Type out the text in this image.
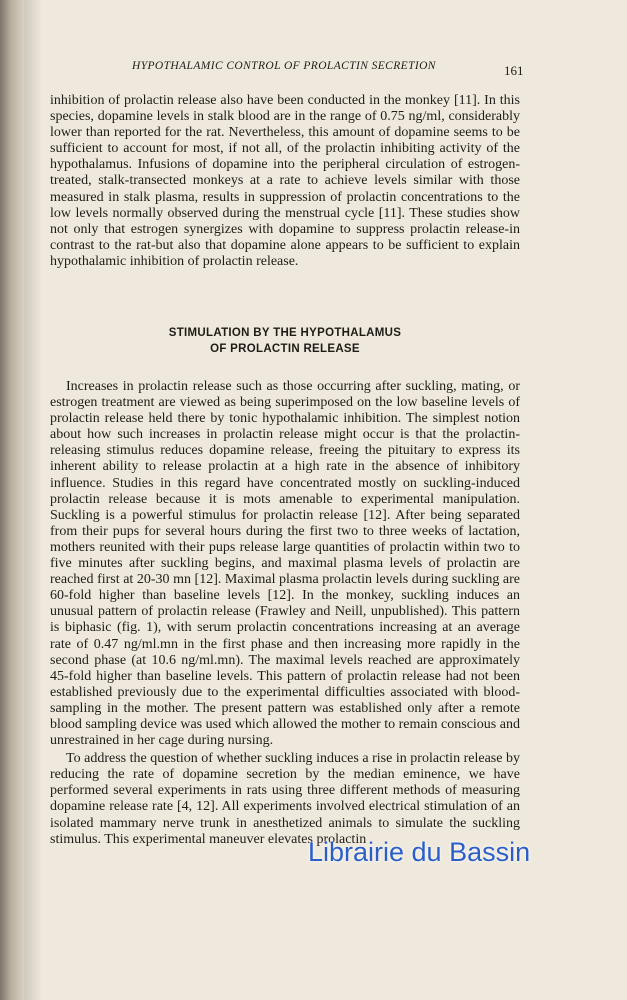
HYPOTHALAMIC CONTROL OF PROLACTIN SECRETION	161

inhibition of prolactin release also have been conducted in the monkey [11]. In this species, dopamine levels in stalk blood are in the range of 0.75 ng/ml, considerably lower than reported for the rat. Nevertheless, this amount of dopamine seems to be sufficient to account for most, if not all, of the prolactin inhibiting activity of the hypothalamus. Infusions of dopamine into the peripheral circulation of estrogen-treated, stalk-transected monkeys at a rate to achieve levels similar with those measured in stalk plasma, results in suppression of prolactin concentrations to the low levels normally observed during the menstrual cycle [11]. These studies show not only that estrogen synergizes with dopamine to suppress prolactin release-in contrast to the rat-but also that dopamine alone appears to be sufficient to explain hypothalamic inhibition of prolactin release.

STIMULATION BY THE HYPOTHALAMUS
OF PROLACTIN RELEASE

Increases in prolactin release such as those occurring after suckling, mating, or estrogen treatment are viewed as being superimposed on the low baseline levels of prolactin release held there by tonic hypothalamic inhibition. The simplest notion about how such increases in prolactin release might occur is that the prolactin-releasing stimulus reduces dopamine release, freeing the pituitary to express its inherent ability to release prolactin at a high rate in the absence of inhibitory influence. Studies in this regard have concentrated mostly on suckling-induced prolactin release because it is mots amenable to experimental manipulation. Suckling is a powerful stimulus for prolactin release [12]. After being separated from their pups for several hours during the first two to three weeks of lactation, mothers reunited with their pups release large quantities of prolactin within two to five minutes after suckling begins, and maximal plasma levels of prolactin are reached first at 20-30 mn [12]. Maximal plasma prolactin levels during suckling are 60-fold higher than baseline levels [12]. In the monkey, suckling induces an unusual pattern of prolactin release (Frawley and Neill, unpublished). This pattern is biphasic (fig. 1), with serum prolactin concentrations increasing at an average rate of 0.47 ng/ml.mn in the first phase and then increasing more rapidly in the second phase (at 10.6 ng/ml.mn). The maximal levels reached are approximately 45-fold higher than baseline levels. This pattern of prolactin release had not been established previously due to the experimental difficulties associated with blood-sampling in the mother. The present pattern was established only after a remote blood sampling device was used which allowed the mother to remain conscious and unrestrained in her cage during nursing.

To address the question of whether suckling induces a rise in prolactin release by reducing the rate of dopamine secretion by the median eminence, we have performed several experiments in rats using three different methods of measuring dopamine release rate [4, 12]. All experiments involved electrical stimulation of an isolated mammary nerve trunk in anesthetized animals to simulate the suckling stimulus. This experimental maneuver elevates prolactin

Librairie du Bassin
